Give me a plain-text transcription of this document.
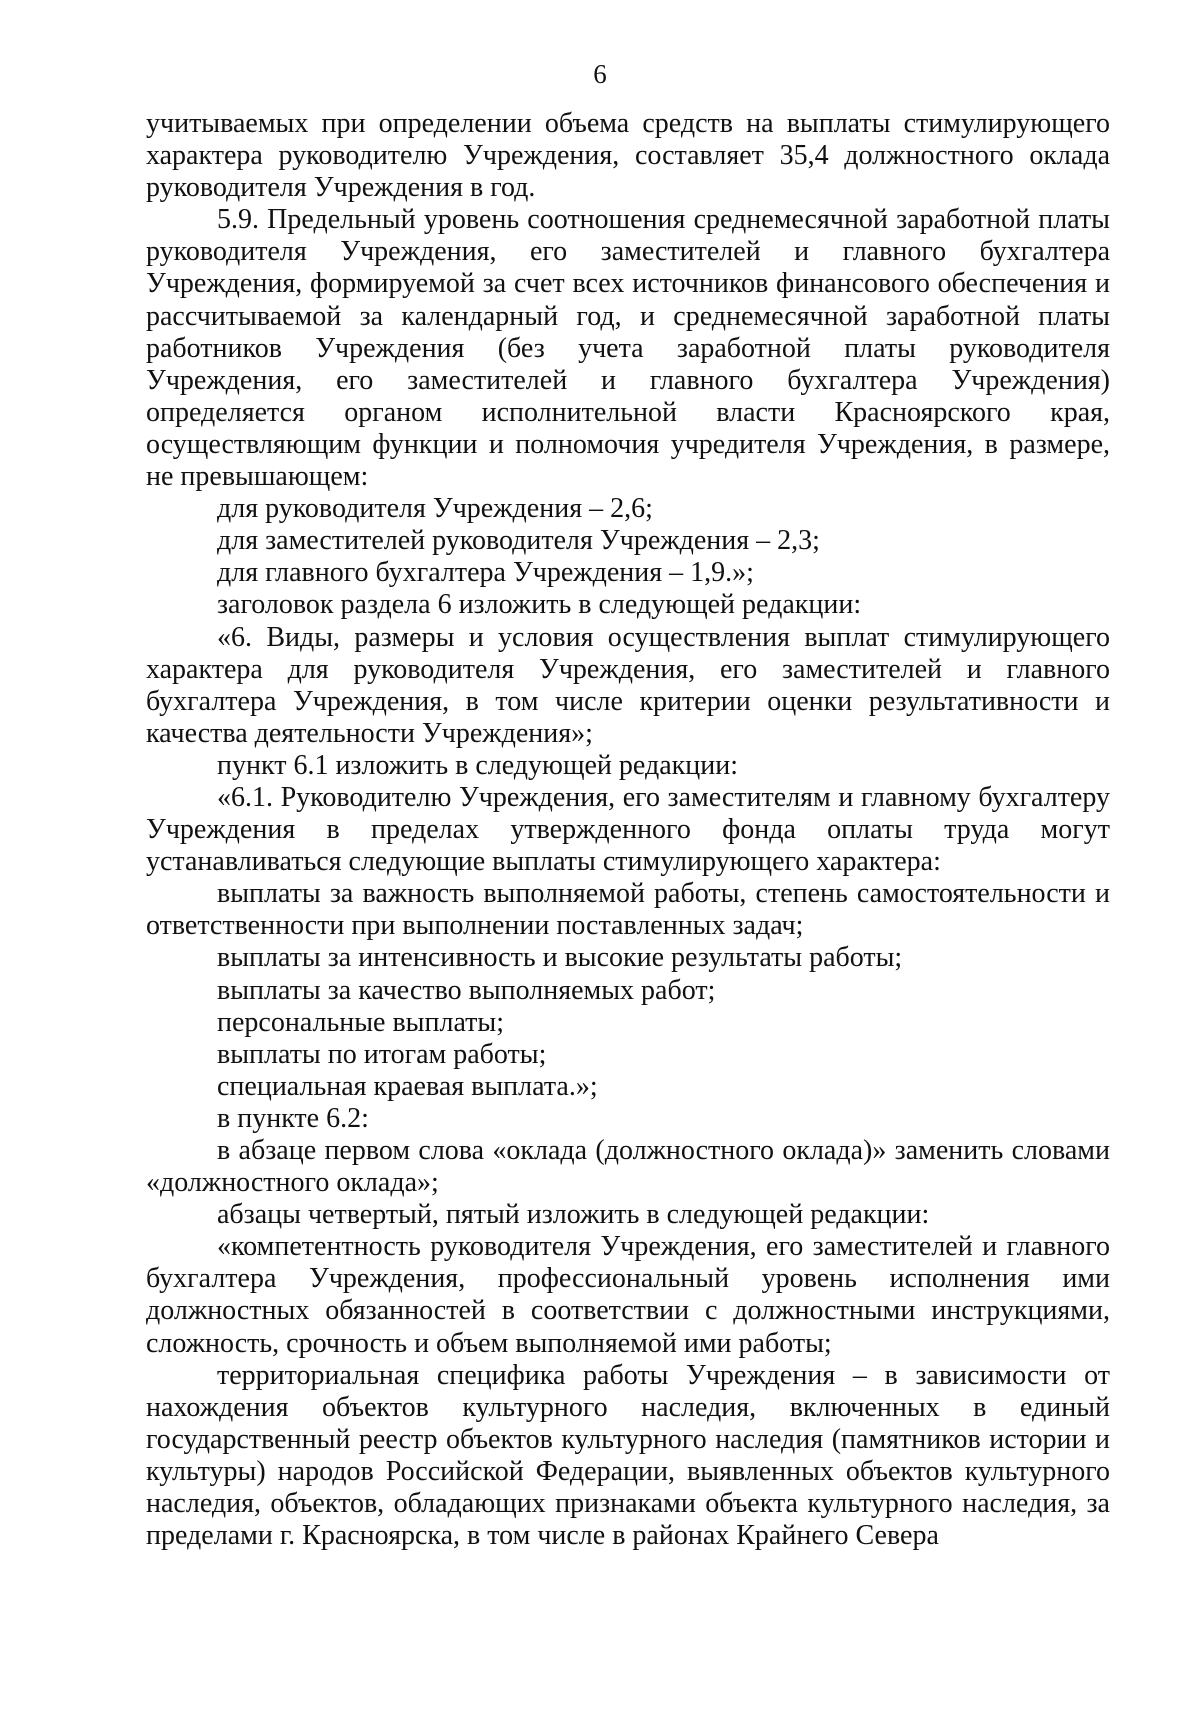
6

учитываемых при определении объема средств на выплаты стимулирующего характера руководителю Учреждения, составляет 35,4 должностного оклада руководителя Учреждения в год.

5.9. Предельный уровень соотношения среднемесячной заработной платы руководителя Учреждения, его заместителей и главного бухгалтера Учреждения, формируемой за счет всех источников финансового обеспечения и рассчитываемой за календарный год, и среднемесячной заработной платы работников Учреждения (без учета заработной платы руководителя Учреждения, его заместителей и главного бухгалтера Учреждения) определяется органом исполнительной власти Красноярского края, осуществляющим функции и полномочия учредителя Учреждения, в размере, не превышающем:

для руководителя Учреждения – 2,6;

для заместителей руководителя Учреждения – 2,3;

для главного бухгалтера Учреждения – 1,9.»;

заголовок раздела 6 изложить в следующей редакции:

«6. Виды, размеры и условия осуществления выплат стимулирующего характера для руководителя Учреждения, его заместителей и главного бухгалтера Учреждения, в том числе критерии оценки результативности и качества деятельности Учреждения»;

пункт 6.1 изложить в следующей редакции:

«6.1. Руководителю Учреждения, его заместителям и главному бухгалтеру Учреждения в пределах утвержденного фонда оплаты труда могут устанавливаться следующие выплаты стимулирующего характера:

выплаты за важность выполняемой работы, степень самостоятельности и ответственности при выполнении поставленных задач;

выплаты за интенсивность и высокие результаты работы;

выплаты за качество выполняемых работ;

персональные выплаты;

выплаты по итогам работы;

специальная краевая выплата.»;

в пункте 6.2:

в абзаце первом слова «оклада (должностного оклада)» заменить словами «должностного оклада»;

абзацы четвертый, пятый изложить в следующей редакции:

«компетентность руководителя Учреждения, его заместителей и главного бухгалтера Учреждения, профессиональный уровень исполнения ими должностных обязанностей в соответствии с должностными инструкциями, сложность, срочность и объем выполняемой ими работы;

территориальная специфика работы Учреждения – в зависимости от нахождения объектов культурного наследия, включенных в единый государственный реестр объектов культурного наследия (памятников истории и культуры) народов Российской Федерации, выявленных объектов культурного наследия, объектов, обладающих признаками объекта культурного наследия, за пределами г. Красноярска, в том числе в районах Крайнего Севера
